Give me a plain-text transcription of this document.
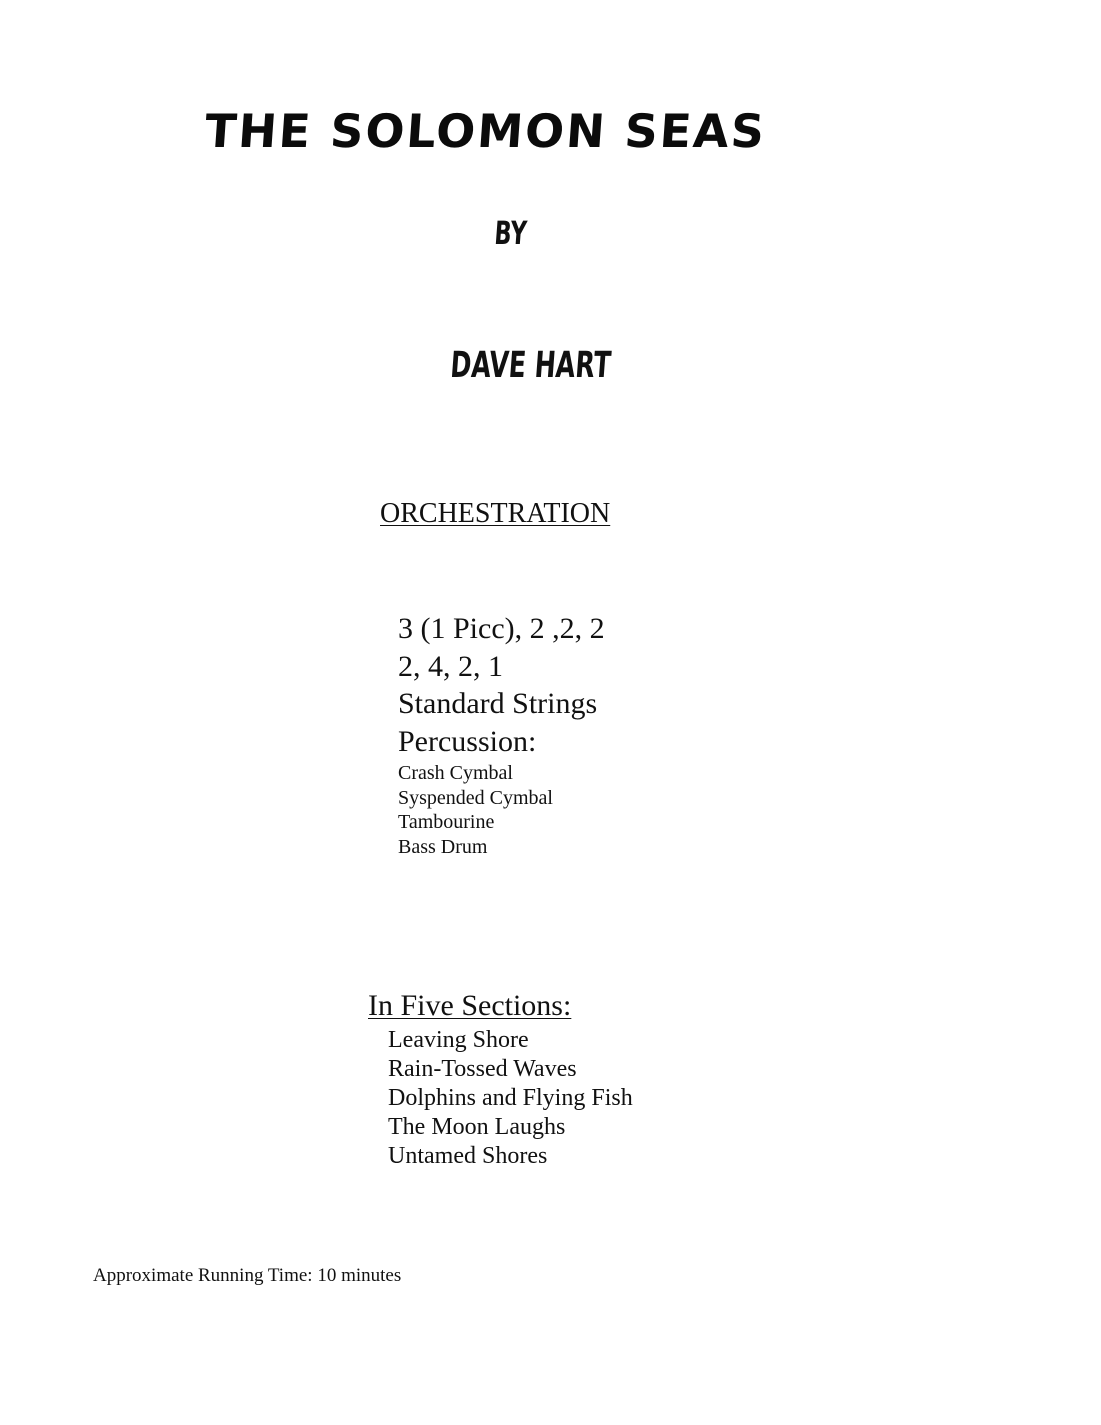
THE SOLOMON SEAS
BY
DAVE HART
ORCHESTRATION
3 (1 Picc), 2 ,2, 2
2, 4, 2, 1
Standard Strings
Percussion:
Crash Cymbal
Syspended Cymbal
Tambourine
Bass Drum
In Five Sections:
Leaving Shore
Rain-Tossed Waves
Dolphins and Flying Fish
The Moon Laughs
Untamed Shores
Approximate Running Time: 10 minutes
